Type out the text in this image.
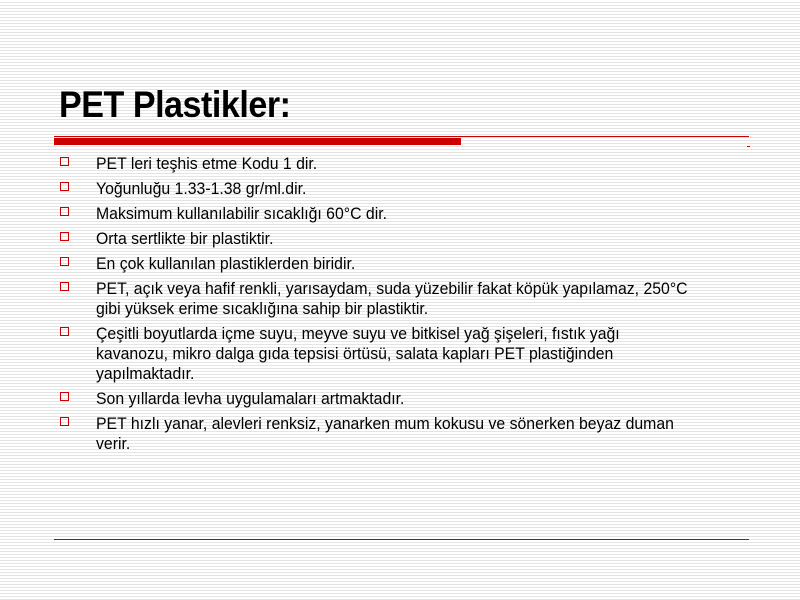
PET Plastikler:
PET leri teşhis etme Kodu 1 dir.
Yoğunluğu 1.33-1.38 gr/ml.dir.
Maksimum kullanılabilir sıcaklığı 60°C dir.
Orta sertlikte bir plastiktir.
En çok kullanılan plastiklerden biridir.
PET, açık veya hafif renkli, yarısaydam, suda yüzebilir fakat köpük yapılamaz, 250°C gibi yüksek erime sıcaklığına sahip bir plastiktir.
Çeşitli boyutlarda içme suyu, meyve suyu ve bitkisel yağ şişeleri, fıstık yağı kavanozu, mikro dalga gıda tepsisi örtüsü, salata kapları PET plastiğinden yapılmaktadır.
Son yıllarda levha uygulamaları artmaktadır.
PET hızlı yanar, alevleri renksiz, yanarken mum kokusu ve sönerken beyaz duman verir.
